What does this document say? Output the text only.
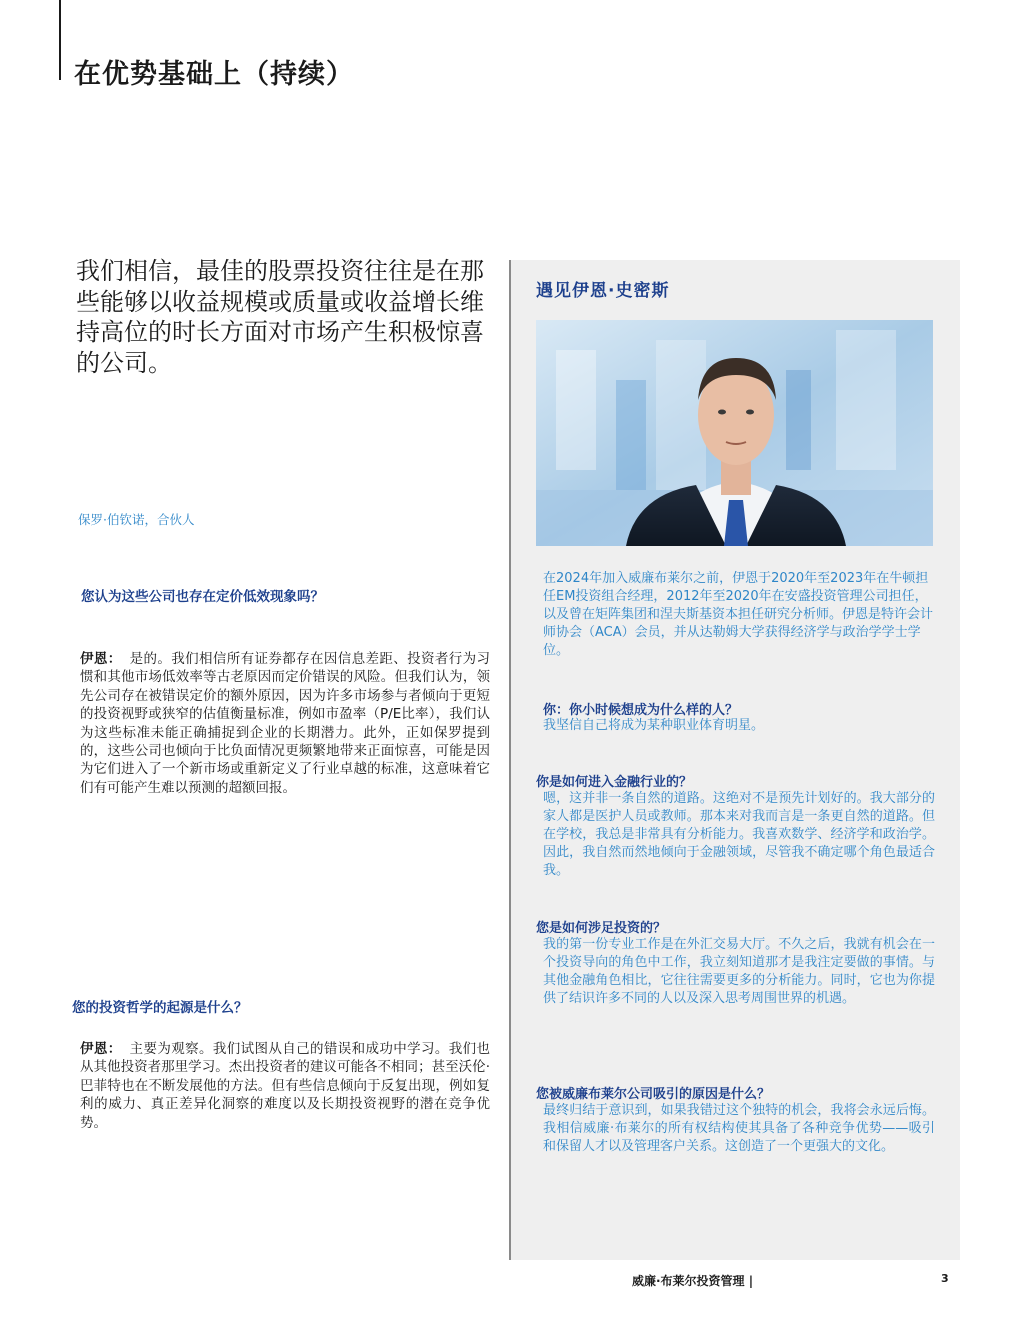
在优势基础上（持续）

我们相信，最佳的股票投资往往是在那些能够以收益规模或质量或收益增长维持高位的时长方面对市场产生积极惊喜的公司。

保罗·伯钦诺，合伙人

您认为这些公司也存在定价低效现象吗？

伊恩： 是的。我们相信所有证券都存在因信息差距、投资者行为习惯和其他市场低效率等古老原因而定价错误的风险。但我们认为，领先公司存在被错误定价的额外原因，因为许多市场参与者倾向于更短的投资视野或狭窄的估值衡量标准，例如市盈率（P/E比率），我们认为这些标准未能正确捕捉到企业的长期潜力。此外，正如保罗提到的，这些公司也倾向于比负面情况更频繁地带来正面惊喜，可能是因为它们进入了一个新市场或重新定义了行业卓越的标准，这意味着它们有可能产生难以预测的超额回报。

您的投资哲学的起源是什么？

伊恩： 主要为观察。我们试图从自己的错误和成功中学习。我们也从其他投资者那里学习。杰出投资者的建议可能各不相同；甚至沃伦·巴菲特也在不断发展他的方法。但有些信息倾向于反复出现，例如复利的威力、真正差异化洞察的难度以及长期投资视野的潜在竞争优势。

遇见伊恩·史密斯

在2024年加入威廉布莱尔之前，伊恩于2020年至2023年在牛顿担任EM投资组合经理，2012年至2020年在安盛投资管理公司担任，以及曾在矩阵集团和涅夫斯基资本担任研究分析师。伊恩是特许会计师协会（ACA）会员，并从达勒姆大学获得经济学与政治学学士学位。

你：你小时候想成为什么样的人？

我坚信自己将成为某种职业体育明星。

你是如何进入金融行业的？

嗯，这并非一条自然的道路。这绝对不是预先计划好的。我大部分的家人都是医护人员或教师。那本来对我而言是一条更自然的道路。但在学校，我总是非常具有分析能力。我喜欢数学、经济学和政治学。因此，我自然而然地倾向于金融领域，尽管我不确定哪个角色最适合我。

您是如何涉足投资的？

我的第一份专业工作是在外汇交易大厅。不久之后，我就有机会在一个投资导向的角色中工作，我立刻知道那才是我注定要做的事情。与其他金融角色相比，它往往需要更多的分析能力。同时，它也为你提供了结识许多不同的人以及深入思考周围世界的机遇。

您被威廉布莱尔公司吸引的原因是什么？

最终归结于意识到，如果我错过这个独特的机会，我将会永远后悔。我相信威廉·布莱尔的所有权结构使其具备了各种竞争优势——吸引和保留人才以及管理客户关系。这创造了一个更强大的文化。

威廉·布莱尔投资管理 |	3
